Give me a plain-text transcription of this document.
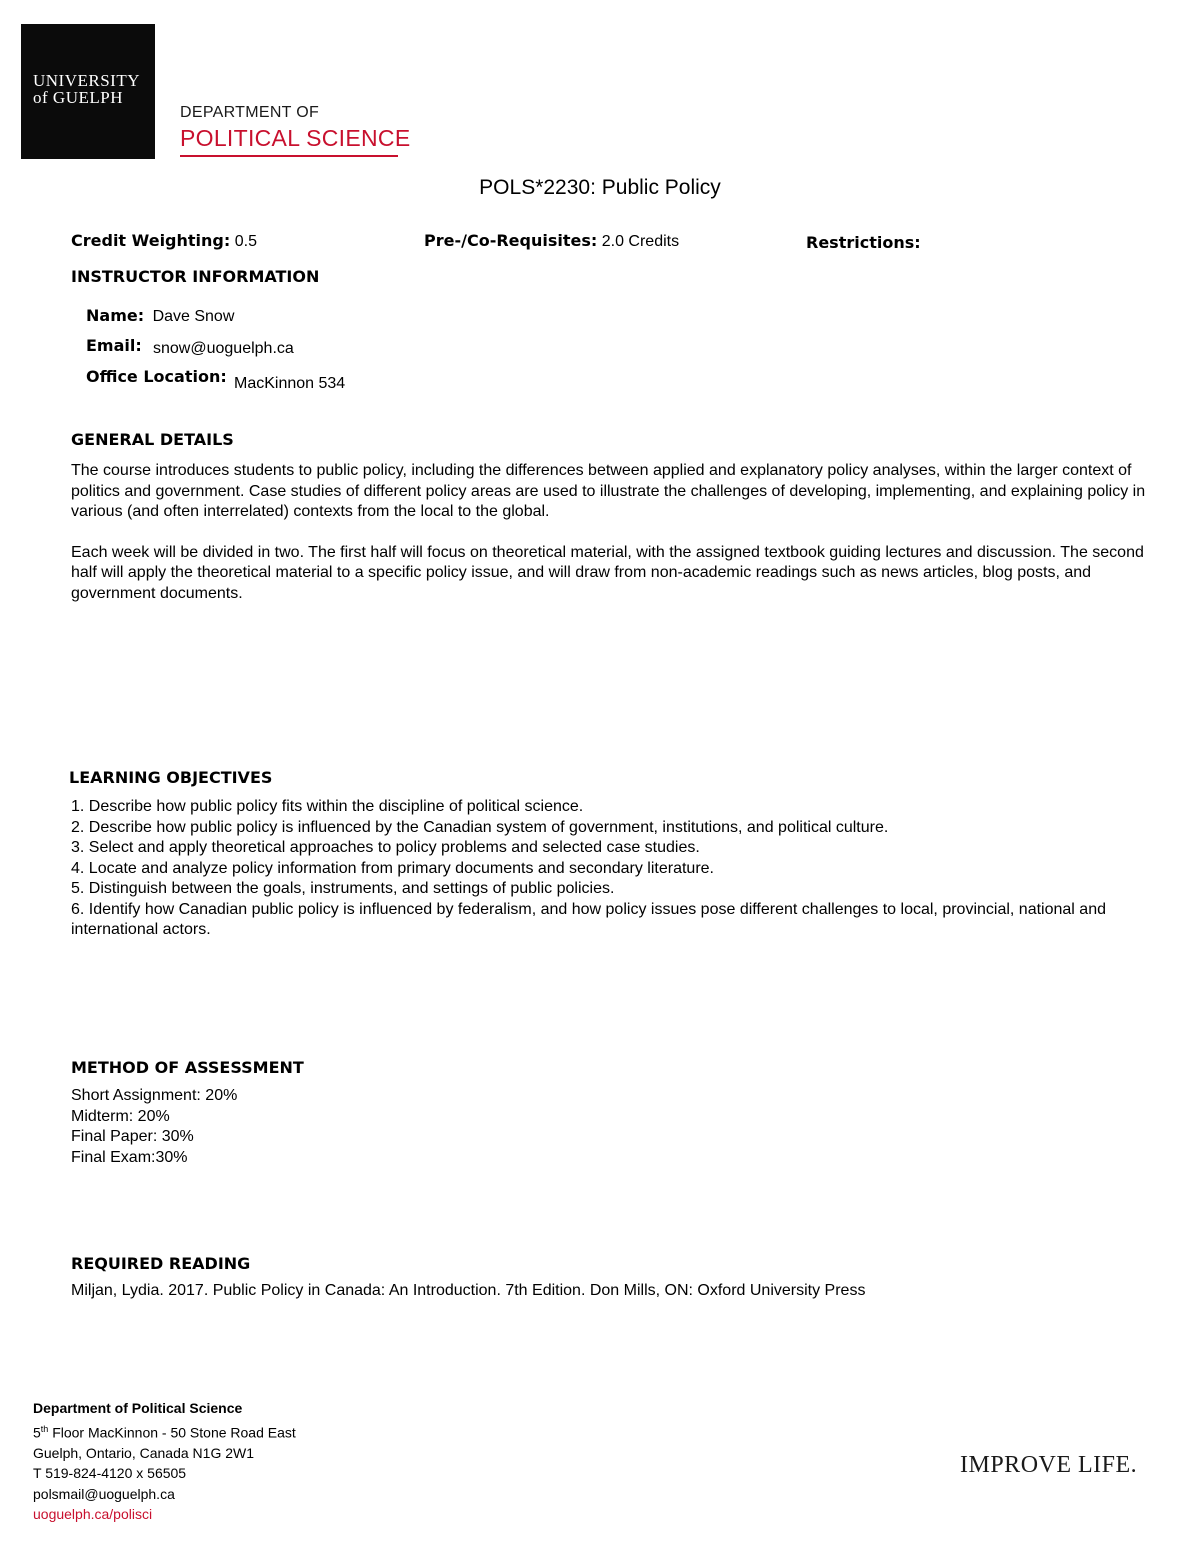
UNIVERSITY
of GUELPH
DEPARTMENT OF
POLITICAL SCIENCE
POLS*2230: Public Policy
Credit Weighting: 0.5	Pre-/Co-Requisites: 2.0 Credits	Restrictions:
INSTRUCTOR INFORMATION
Name: Dave Snow
Email: snow@uoguelph.ca
Office Location: MacKinnon 534
GENERAL DETAILS

The course introduces students to public policy, including the differences between applied and explanatory policy analyses, within the larger context of politics and government. Case studies of different policy areas are used to illustrate the challenges of developing, implementing, and explaining policy in various (and often interrelated) contexts from the local to the global.

Each week will be divided in two. The first half will focus on theoretical material, with the assigned textbook guiding lectures and discussion. The second half will apply the theoretical material to a specific policy issue, and will draw from non-academic readings such as news articles, blog posts, and government documents.

LEARNING OBJECTIVES
1. Describe how public policy fits within the discipline of political science.
2. Describe how public policy is influenced by the Canadian system of government, institutions, and political culture.
3. Select and apply theoretical approaches to policy problems and selected case studies.
4. Locate and analyze policy information from primary documents and secondary literature.
5. Distinguish between the goals, instruments, and settings of public policies.
6. Identify how Canadian public policy is influenced by federalism, and how policy issues pose different challenges to local, provincial, national and international actors.
METHOD OF ASSESSMENT
Short Assignment: 20%
Midterm: 20%
Final Paper: 30%
Final Exam:30%
REQUIRED READING
Miljan, Lydia. 2017. Public Policy in Canada: An Introduction. 7th Edition. Don Mills, ON: Oxford University Press
Department of Political Science
5th Floor MacKinnon - 50 Stone Road East
Guelph, Ontario, Canada N1G 2W1
T 519-824-4120 x 56505
polsmail@uoguelph.ca
uoguelph.ca/polisci
IMPROVE LIFE.
